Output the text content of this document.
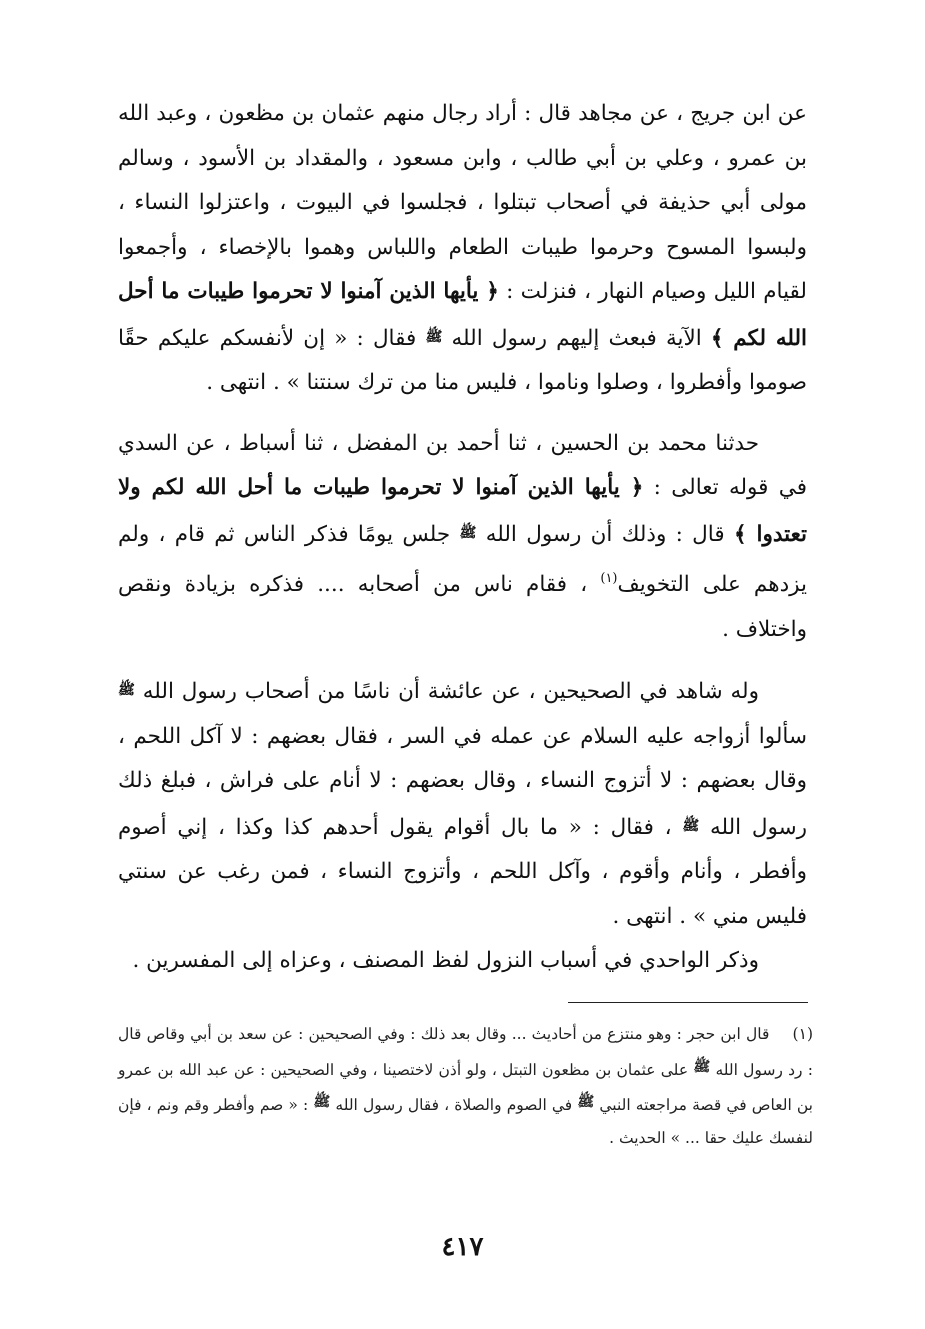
عن ابن جريج ، عن مجاهد قال : أراد رجال منهم عثمان بن مظعون ، وعبد الله بن عمرو ، وعلي بن أبي طالب ، وابن مسعود ، والمقداد بن الأسود ، وسالم مولى أبي حذيفة في أصحاب تبتلوا ، فجلسوا في البيوت ، واعتزلوا النساء ، ولبسوا المسوح وحرموا طيبات الطعام واللباس وهموا بالإخصاء ، وأجمعوا لقيام الليل وصيام النهار ، فنزلت : ﴿ يأيها الذين آمنوا لا تحرموا طيبات ما أحل الله لكم ﴾ الآية فبعث إليهم رسول الله ﷺ فقال : « إن لأنفسكم عليكم حقًا صوموا وأفطروا ، وصلوا وناموا ، فليس منا من ترك سنتنا » . انتهى .

حدثنا محمد بن الحسين ، ثنا أحمد بن المفضل ، ثنا أسباط ، عن السدي في قوله تعالى : ﴿ يأيها الذين آمنوا لا تحرموا طيبات ما أحل الله لكم ولا تعتدوا ﴾ قال : وذلك أن رسول الله ﷺ جلس يومًا فذكر الناس ثم قام ، ولم يزدهم على التخويف$^{(١)}$ ، فقام ناس من أصحابه .... فذكره بزيادة ونقص واختلاف .

وله شاهد في الصحيحين ، عن عائشة أن ناسًا من أصحاب رسول الله ﷺ سألوا أزواجه عليه السلام عن عمله في السر ، فقال بعضهم : لا آكل اللحم ، وقال بعضهم : لا أتزوج النساء ، وقال بعضهم : لا أنام على فراش ، فبلغ ذلك رسول الله ﷺ ، فقال : « ما بال أقوام يقول أحدهم كذا وكذا ، إني أصوم وأفطر ، وأنام وأقوم ، وآكل اللحم ، وأتزوج النساء ، فمن رغب عن سنتي فليس مني » . انتهى .

وذكر الواحدي في أسباب النزول لفظ المصنف ، وعزاه إلى المفسرين .

(١) قال ابن حجر : وهو منتزع من أحاديث ... وقال بعد ذلك : وفي الصحيحين : عن سعد بن أبي وقاص قال : رد رسول الله ﷺ على عثمان بن مظعون التبتل ، ولو أذن لاختصينا ، وفي الصحيحين : عن عبد الله بن عمرو بن العاص في قصة مراجعته النبي ﷺ في الصوم والصلاة ، فقال رسول الله ﷺ : « صم وأفطر وقم ونم ، فإن لنفسك عليك حقا ... » الحديث .
٤١٧
